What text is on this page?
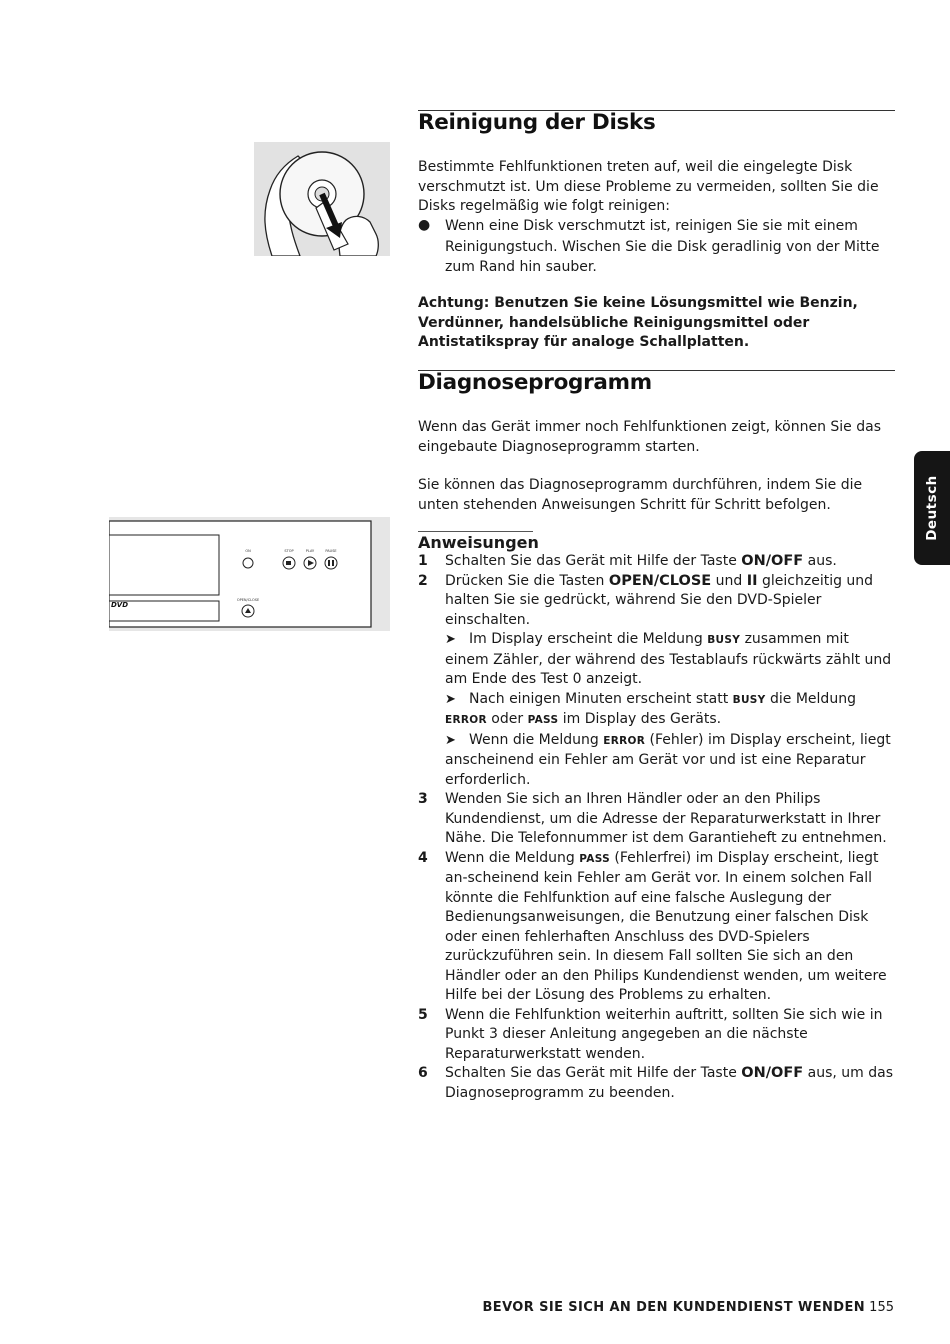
DVD
ON	STOP	PLAY	PAUSE
OPEN/CLOSE
Reinigung der Disks

Bestimmte Fehlfunktionen treten auf, weil die eingelegte Disk verschmutzt ist. Um diese Probleme zu vermeiden, sollten Sie die Disks regelmäßig wie folgt reinigen:

● Wenn eine Disk verschmutzt ist, reinigen Sie sie mit einem Reinigungstuch. Wischen Sie die Disk geradlinig von der Mitte zum Rand hin sauber.

Achtung: Benutzen Sie keine Lösungsmittel wie Benzin, Verdünner, handelsübliche Reinigungsmittel oder Antistatikspray für analoge Schallplatten.

Diagnoseprogramm

Wenn das Gerät immer noch Fehlfunktionen zeigt, können Sie das eingebaute Diagnoseprogramm starten.

Sie können das Diagnoseprogramm durchführen, indem Sie die unten stehenden Anweisungen Schritt für Schritt befolgen.

Anweisungen
1 Schalten Sie das Gerät mit Hilfe der Taste ON/OFF aus.
2 Drücken Sie die Tasten OPEN/CLOSE und II gleichzeitig und halten Sie sie gedrückt, während Sie den DVD-Spieler einschalten.
➤ Im Display erscheint die Meldung BUSY zusammen mit einem Zähler, der während des Testablaufs rückwärts zählt und am Ende des Test 0 anzeigt.
➤ Nach einigen Minuten erscheint statt BUSY die Meldung ERROR oder PASS im Display des Geräts.
➤ Wenn die Meldung ERROR (Fehler) im Display erscheint, liegt anscheinend ein Fehler am Gerät vor und ist eine Reparatur erforderlich.
3 Wenden Sie sich an Ihren Händler oder an den Philips Kundendienst, um die Adresse der Reparaturwerkstatt in Ihrer Nähe. Die Telefonnummer ist dem Garantieheft zu entnehmen.
4 Wenn die Meldung PASS (Fehlerfrei) im Display erscheint, liegt an-scheinend kein Fehler am Gerät vor. In einem solchen Fall könnte die Fehlfunktion auf eine falsche Auslegung der Bedienungsanweisungen, die Benutzung einer falschen Disk oder einen fehlerhaften Anschluss des DVD-Spielers zurückzuführen sein. In diesem Fall sollten Sie sich an den Händler oder an den Philips Kundendienst wenden, um weitere Hilfe bei der Lösung des Problems zu erhalten.
5 Wenn die Fehlfunktion weiterhin auftritt, sollten Sie sich wie in Punkt 3 dieser Anleitung angegeben an die nächste Reparaturwerkstatt wenden.
6 Schalten Sie das Gerät mit Hilfe der Taste ON/OFF aus, um das Diagnoseprogramm zu beenden.
Deutsch
BEVOR SIE SICH AN DEN KUNDENDIENST WENDEN 155
